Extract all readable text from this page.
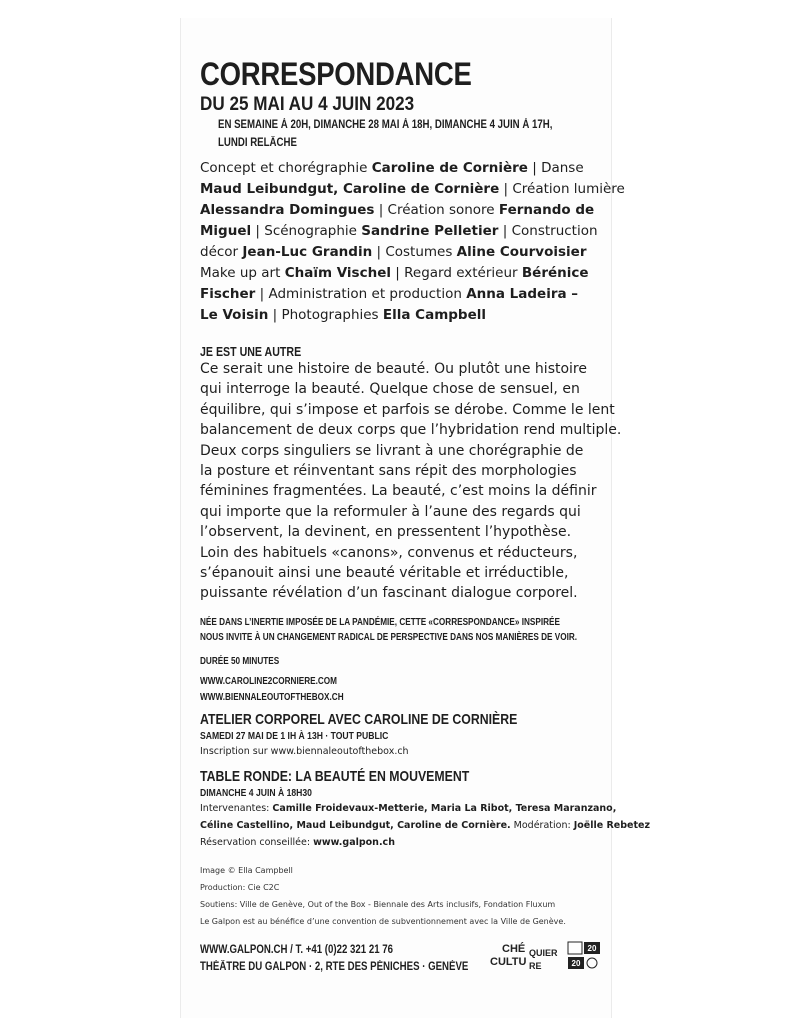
CORRESPONDANCE
DU 25 MAI AU 4 JUIN 2023
EN SEMAINE À 20H, DIMANCHE 28 MAI À 18H, DIMANCHE 4 JUIN À 17H,
LUNDI RELÂCHE
Concept et chorégraphie Caroline de Cornière | Danse
Maud Leibundgut, Caroline de Cornière | Création lumière
Alessandra Domingues | Création sonore Fernando de
Miguel | Scénographie Sandrine Pelletier | Construction
décor Jean-Luc Grandin | Costumes Aline Courvoisier
Make up art Chaïm Vischel | Regard extérieur Bérénice
Fischer | Administration et production Anna Ladeira –
Le Voisin | Photographies Ella Campbell
JE EST UNE AUTRE
Ce serait une histoire de beauté. Ou plutôt une histoire
qui interroge la beauté. Quelque chose de sensuel, en
équilibre, qui s’impose et parfois se dérobe. Comme le lent
balancement de deux corps que l’hybridation rend multiple.
Deux corps singuliers se livrant à une chorégraphie de
la posture et réinventant sans répit des morphologies
féminines fragmentées. La beauté, c’est moins la définir
qui importe que la reformuler à l’aune des regards qui
l’observent, la devinent, en pressentent l’hypothèse.
Loin des habituels «canons», convenus et réducteurs,
s’épanouit ainsi une beauté véritable et irréductible,
puissante révélation d’un fascinant dialogue corporel.
NÉE DANS L’INERTIE IMPOSÉE DE LA PANDÉMIE, CETTE «CORRESPONDANCE» INSPIRÉE
NOUS INVITE À UN CHANGEMENT RADICAL DE PERSPECTIVE DANS NOS MANIÈRES DE VOIR.
DURÉE 50 MINUTES
WWW.CAROLINE2CORNIERE.COM
WWW.BIENNALEOUTOFTHEBOX.CH
ATELIER CORPOREL AVEC CAROLINE DE CORNIÈRE
SAMEDI 27 MAI DE 1 IH À 13H · TOUT PUBLIC
Inscription sur www.biennaleoutofthebox.ch
TABLE RONDE: LA BEAUTÉ EN MOUVEMENT
DIMANCHE 4 JUIN À 18H30
Intervenantes: Camille Froidevaux-Metterie, Maria La Ribot, Teresa Maranzano,
Céline Castellino, Maud Leibundgut, Caroline de Cornière. Modération: Joëlle Rebetez
Réservation conseillée: www.galpon.ch
Image © Ella Campbell
Production: Cie C2C
Soutiens: Ville de Genève, Out of the Box - Biennale des Arts inclusifs, Fondation Fluxum
Le Galpon est au bénéfice d’une convention de subventionnement avec la Ville de Genève.
WWW.GALPON.CH / T. +41 (0)22 321 21 76
THÉÂTRE DU GALPON · 2, RTE DES PÉNICHES · GENÈVE
CHÉ QUIER
CULTU RE
20
20
